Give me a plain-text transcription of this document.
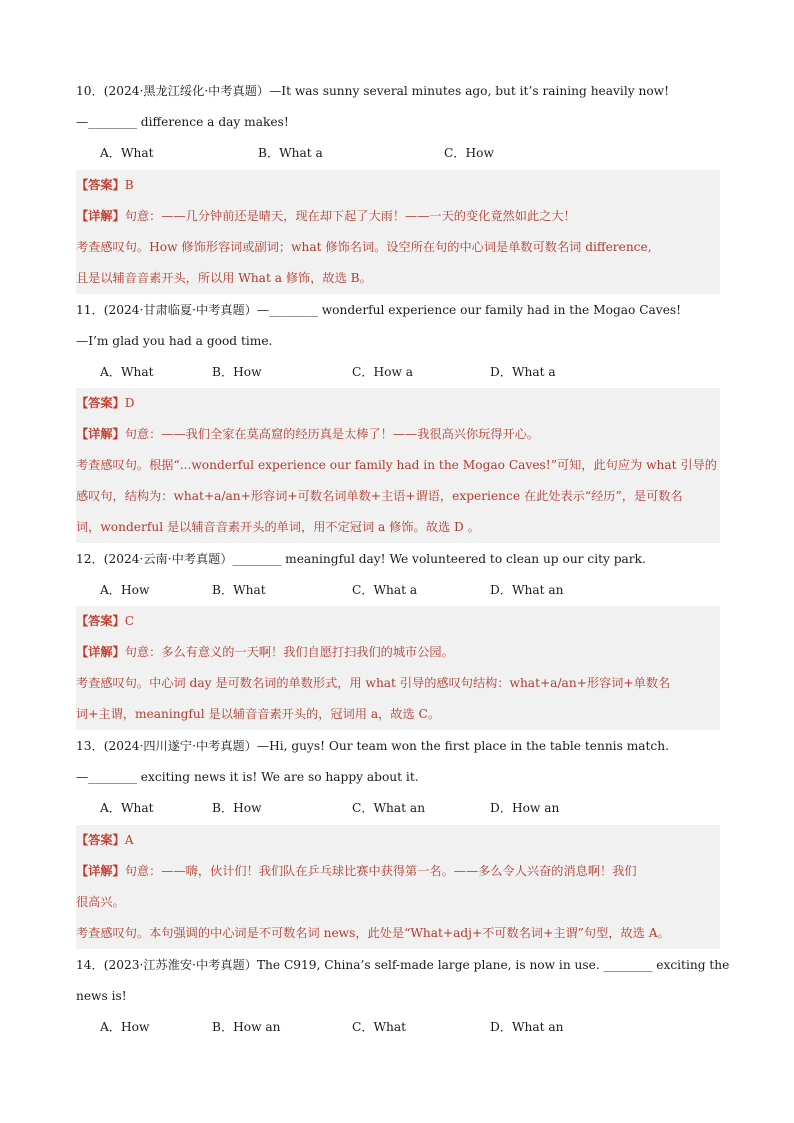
10．(2024·黑龙江绥化·中考真题）—It was sunny several minutes ago, but it’s raining heavily now!
—________ difference a day makes!
A．What	B．What a	C．How
【答案】B
【详解】句意：——几分钟前还是晴天，现在却下起了大雨！——一天的变化竟然如此之大！
考查感叹句。How 修饰形容词或副词；what 修饰名词。设空所在句的中心词是单数可数名词 difference,
且是以辅音音素开头，所以用 What a 修饰，故选 B。
11．(2024·甘肃临夏·中考真题）—________ wonderful experience our family had in the Mogao Caves!
—I’m glad you had a good time.
A．What	B．How	C．How a	D．What a
【答案】D
【详解】句意：——我们全家在莫高窟的经历真是太棒了！——我很高兴你玩得开心。
考查感叹句。根据“...wonderful experience our family had in the Mogao Caves!”可知，此句应为 what 引导的
感叹句，结构为：what+a/an+形容词+可数名词单数+主语+谓语，experience 在此处表示“经历”，是可数名
词，wonderful 是以辅音音素开头的单词，用不定冠词 a 修饰。故选 D 。
12．(2024·云南·中考真题）________ meaningful day! We volunteered to clean up our city park.
A．How	B．What	C．What a	D．What an
【答案】C
【详解】句意：多么有意义的一天啊！我们自愿打扫我们的城市公园。
考查感叹句。中心词 day 是可数名词的单数形式，用 what 引导的感叹句结构：what+a/an+形容词+单数名
词+主谓，meaningful 是以辅音音素开头的，冠词用 a，故选 C。
13．(2024·四川遂宁·中考真题）—Hi, guys! Our team won the first place in the table tennis match.
—________ exciting news it is! We are so happy about it.
A．What	B．How	C．What an	D．How an
【答案】A
【详解】句意：——嗨，伙计们！我们队在乒乓球比赛中获得第一名。——多么令人兴奋的消息啊！我们
很高兴。
考查感叹句。本句强调的中心词是不可数名词 news，此处是“What+adj+不可数名词+主谓”句型，故选 A。
14．(2023·江苏淮安·中考真题）The C919, China’s self-made large plane, is now in use. ________ exciting the
news is!
A．How	B．How an	C．What	D．What an
